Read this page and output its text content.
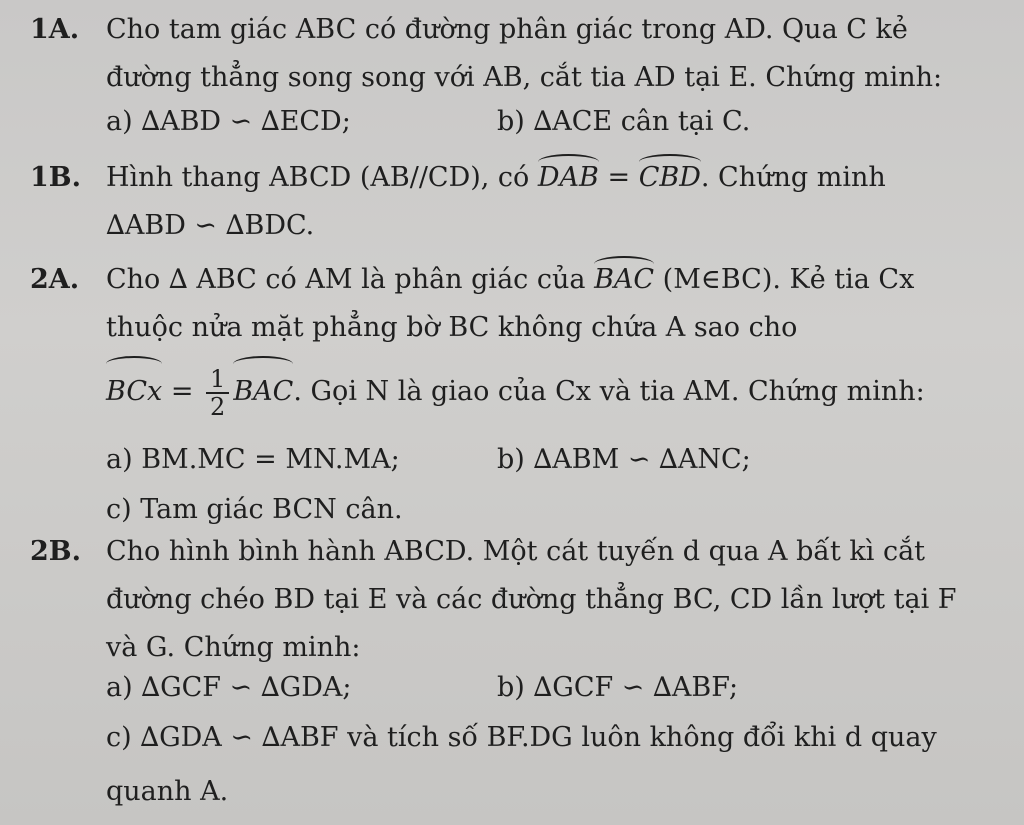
1A. Cho tam giác ABC có đường phân giác trong AD. Qua C kẻ
đường thẳng song song với AB, cắt tia AD tại E. Chứng minh:
a) ∆ABD ∽ ∆ECD;	b) ∆ACE cân tại C.
1B. Hình thang ABCD (AB//CD), có DAB = CBD. Chứng minh
∆ABD ∽ ∆BDC.
2A. Cho ∆ ABC có AM là phân giác của BAC (M∈BC). Kẻ tia Cx
thuộc nửa mặt phẳng bờ BC không chứa A sao cho
BCx = $\frac{1}{2}$ BAC. Gọi N là giao của Cx và tia AM. Chứng minh:
a) BM.MC = MN.MA;	b) ∆ABM ∽ ∆ANC;
c) Tam giác BCN cân.
2B. Cho hình bình hành ABCD. Một cát tuyến d qua A bất kì cắt
đường chéo BD tại E và các đường thẳng BC, CD lần lượt tại F
và G. Chứng minh:
a) ∆GCF ∽ ∆GDA;	b) ∆GCF ∽ ∆ABF;
c) ∆GDA ∽ ∆ABF và tích số BF.DG luôn không đổi khi d quay
quanh A.
